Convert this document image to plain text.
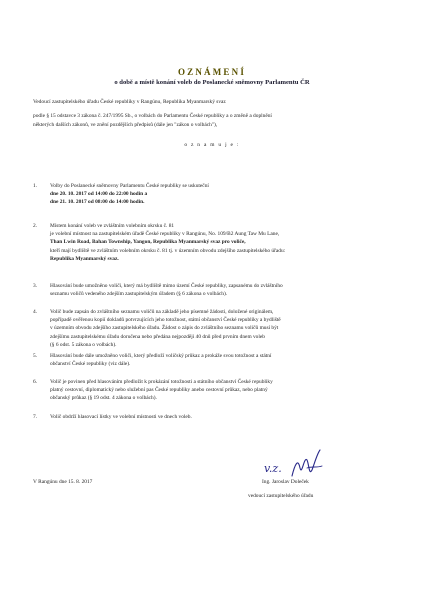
OZNÁMENÍ
o době a místě konání voleb do Poslanecké sněmovny Parlamentu ČR

Vedoucí zastupitelského úřadu České republiky v Rangúnu, Republika Myanmarský svaz

podle § 15 odstavce 3 zákona č. 247/1995 Sb., o volbách do Parlamentu České republiky a o změně a doplnění

některých dalších zákonů, ve znění pozdějších předpisů (dále jen "zákon o volbách"),

o z n a m u j e :

1. Volby do Poslanecké sněmovny Parlamentu České republiky se uskuteční
dne 20. 10. 2017 od 14:00 do 22:00 hodin a
dne 21. 10. 2017 od 08:00 do 14:00 hodin.
2. Místem konání voleb ve zvláštním volebním okrsku č. 81
je volební místnost na zastupitelském úřadě České republiky v Rangúnu, No. 109/B2 Aung Taw Mu Lane,
Than Lwin Road, Bahan Township, Yangon, Republika Myanmarský svaz pro voliče,
kteří mají bydliště ve zvláštním volebním okrsku č. 81 tj. v územním obvodu zdejšího zastupitelského úřadu:
Republika Myanmarský svaz.
3. Hlasování bude umožněno voliči, který má bydliště mimo území České republiky, zapsanému do zvláštního
seznamu voličů vedeného zdejším zastupitelským úřadem (§ 6 zákona o volbách).
4. Volič bude zapsán do zvláštního seznamu voličů na základě jeho písemné žádosti, doložené originálem,
popřípadě ověřenou kopií dokladů potvrzujících jeho totožnost, státní občanství České republiky a bydliště
v územním obvodu zdejšího zastupitelského úřadu. Žádost o zápis do zvláštního seznamu voličů musí být
zdejšímu zastupitelskému úřadu doručena nebo předána nejpozději 40 dnů před prvním dnem voleb
(§ 6 odst. 5 zákona o volbách).
5. Hlasování bude dále umožněno voliči, který předloží voličský průkaz a prokáže svou totožnost a státní
občanství České republiky (viz dále).
6. Volič je povinen před hlasováním předložit k prokázání totožnosti a státního občanství České republiky
platný cestovní, diplomatický nebo služební pas České republiky anebo cestovní průkaz, nebo platný
občanský průkaz (§ 19 odst. 4 zákona o volbách).
7. Volič obdrží hlasovací lístky ve volební místnosti ve dnech voleb.
v.z.
V Rangúnu dne 15. 8. 2017	Ing. Jaroslav Doleček
vedoucí zastupitelského úřadu
